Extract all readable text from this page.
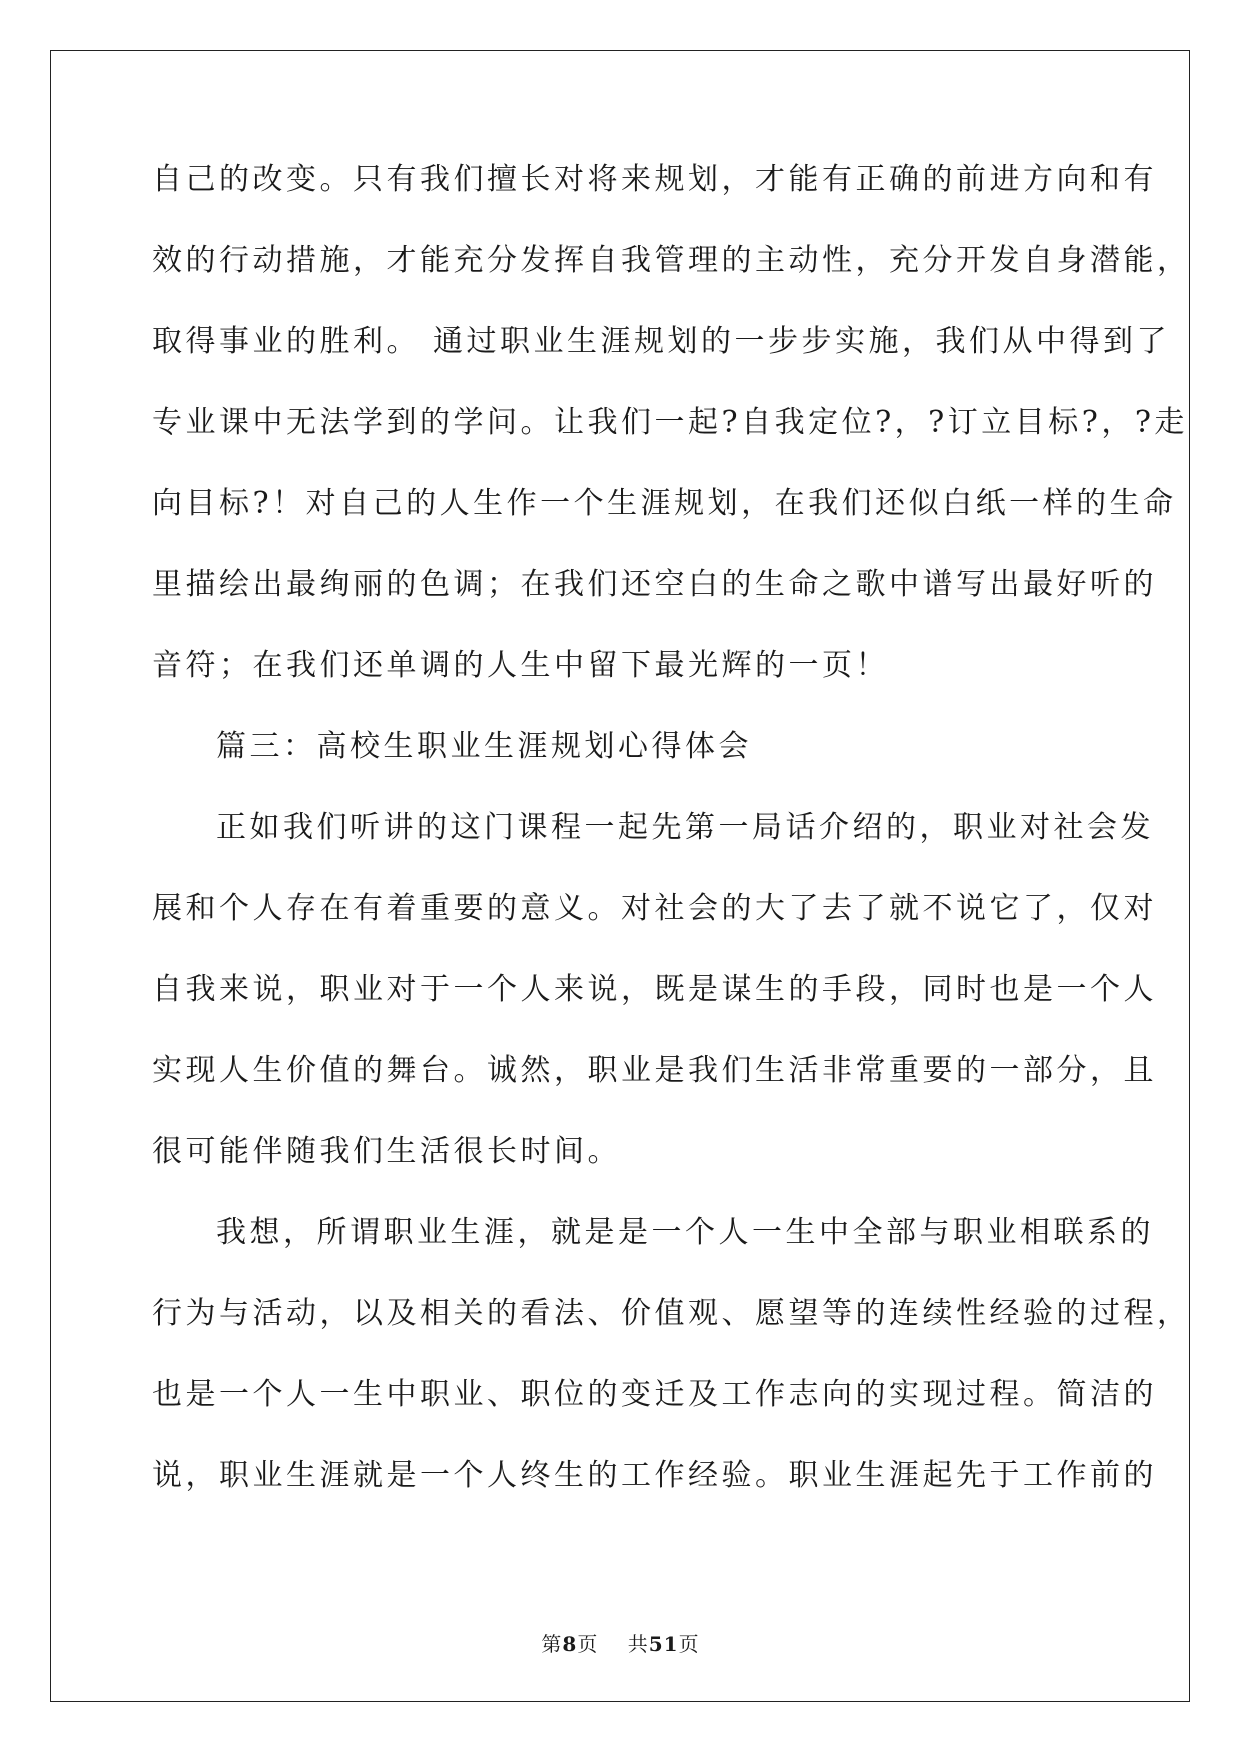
自己的改变。只有我们擅长对将来规划，才能有正确的前进方向和有
效的行动措施，才能充分发挥自我管理的主动性，充分开发自身潜能，
取得事业的胜利。 通过职业生涯规划的一步步实施，我们从中得到了
专业课中无法学到的学问。让我们一起?自我定位?，?订立目标?，?走
向目标?！对自己的人生作一个生涯规划，在我们还似白纸一样的生命
里描绘出最绚丽的色调；在我们还空白的生命之歌中谱写出最好听的
音符；在我们还单调的人生中留下最光辉的一页！
篇三：高校生职业生涯规划心得体会
正如我们听讲的这门课程一起先第一局话介绍的，职业对社会发
展和个人存在有着重要的意义。对社会的大了去了就不说它了，仅对
自我来说，职业对于一个人来说，既是谋生的手段，同时也是一个人
实现人生价值的舞台。诚然，职业是我们生活非常重要的一部分，且
很可能伴随我们生活很长时间。
我想，所谓职业生涯，就是是一个人一生中全部与职业相联系的
行为与活动，以及相关的看法、价值观、愿望等的连续性经验的过程，
也是一个人一生中职业、职位的变迁及工作志向的实现过程。简洁的
说，职业生涯就是一个人终生的工作经验。职业生涯起先于工作前的
第8页 共51页
